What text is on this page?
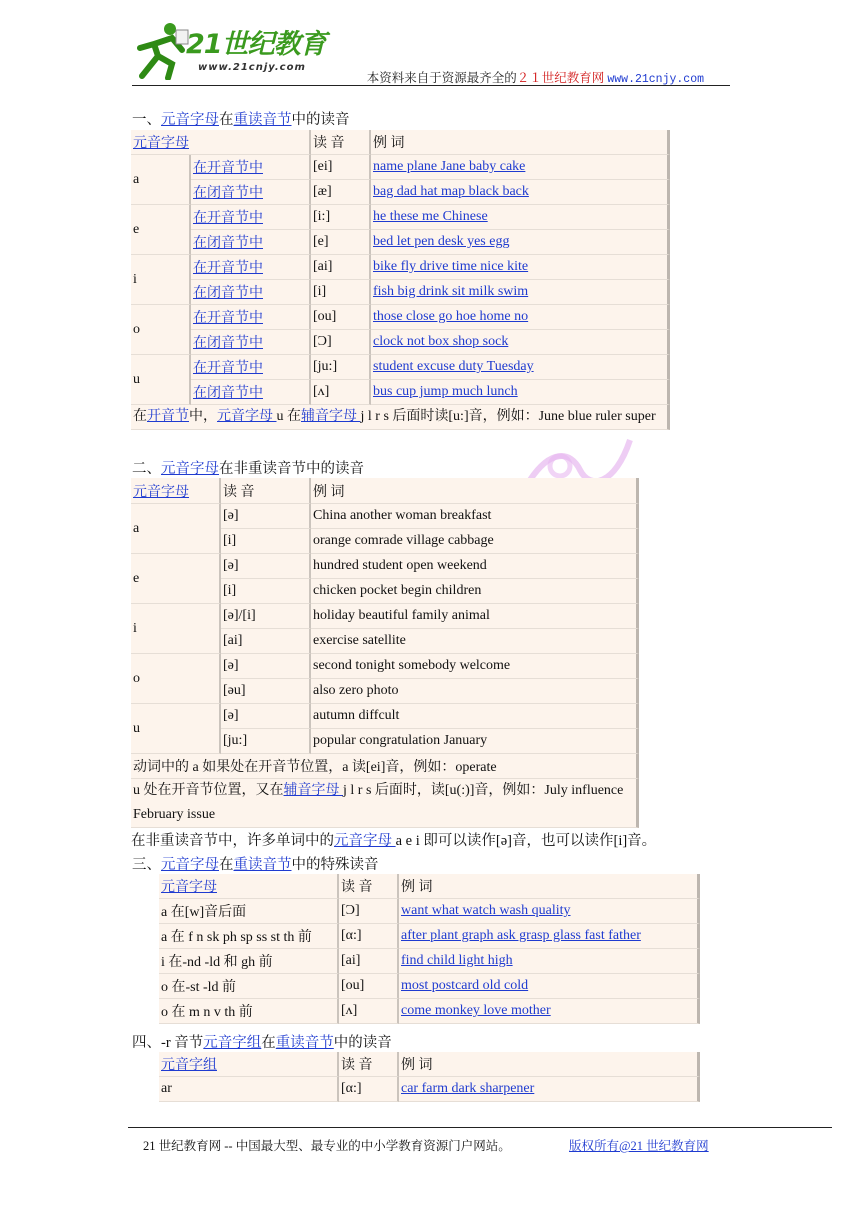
21世纪教育
www.21cnjy.com
本资料来自于资源最齐全的２１世纪教育网 www.21cnjy.com
一、元音字母在重读音节中的读音
元音字母		读 音	例 词
a	在开音节中	[ei]	name plane Jane baby cake
	在闭音节中	[æ]	bag dad hat map black back
e	在开音节中	[i:]	he these me Chinese
	在闭音节中	[e]	bed let pen desk yes egg
i	在开音节中	[ai]	bike fly drive time nice kite
	在闭音节中	[i]	fish big drink sit milk swim
o	在开音节中	[ou]	those close go hoe home no
	在闭音节中	[Ɔ]	clock not box shop sock
u	在开音节中	[ju:]	student excuse duty Tuesday
	在闭音节中	[ʌ]	bus cup jump much lunch
在开音节中，元音字母 u 在辅音字母 j l r s 后面时读[u:]音，例如：June blue ruler super			
二、元音字母在非重读音节中的读音
元音字母	读 音	例 词
a	[ə]	China another woman breakfast
	[i]	orange comrade village cabbage
e	[ə]	hundred student open weekend
	[i]	chicken pocket begin children
i	[ə]/[i]	holiday beautiful family animal
	[ai]	exercise satellite
o	[ə]	second tonight somebody welcome
	[əu]	also zero photo
u	[ə]	autumn diffcult
	[ju:]	popular congratulation January
动词中的 a 如果处在开音节位置，a 读[ei]音，例如：operate		
u 处在开音节位置，又在辅音字母 j l r s 后面时，读[u(:)]音，例如：July influence February issue		
在非重读音节中，许多单词中的元音字母 a e i 即可以读作[ə]音，也可以读作[i]音。
三、元音字母在重读音节中的特殊读音
元音字母	读 音	例 词
a 在[w]音后面	[Ɔ]	want what watch wash quality
a 在 f n sk ph sp ss st th 前	[α:]	after plant graph ask grasp glass fast father
i 在-nd -ld 和 gh 前	[ai]	find child light high
o 在-st -ld 前	[ou]	most postcard old cold
o 在 m n v th 前	[ʌ]	come monkey love mother
四、-r 音节元音字组在重读音节中的读音
元音字组	读 音	例 词
ar	[α:]	car farm dark sharpener
21 世纪教育网 -- 中国最大型、最专业的中小学教育资源门户网站。	版权所有@21 世纪教育网
